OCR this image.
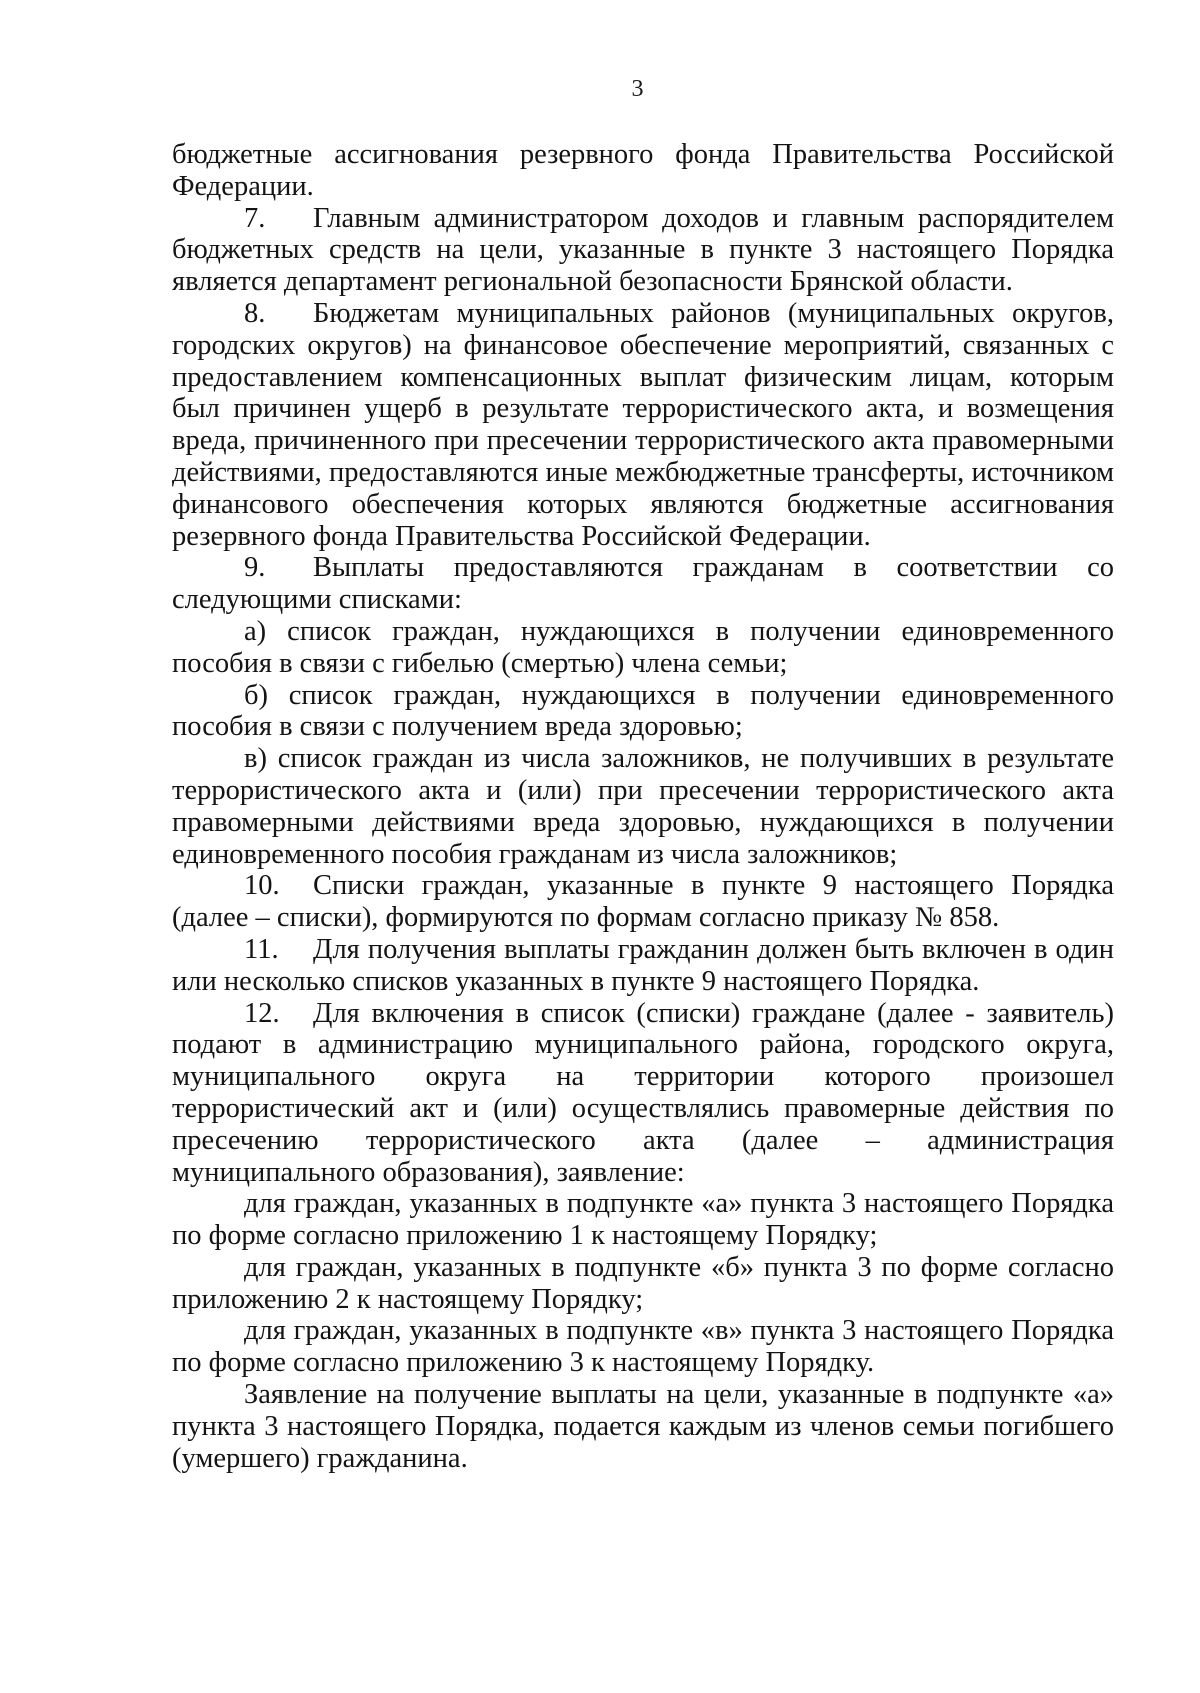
3

бюджетные ассигнования резервного фонда Правительства Российской Федерации.

7. Главным администратором доходов и главным распорядителем бюджетных средств на цели, указанные в пункте 3 настоящего Порядка является департамент региональной безопасности Брянской области.

8. Бюджетам муниципальных районов (муниципальных округов, городских округов) на финансовое обеспечение мероприятий, связанных с предоставлением компенсационных выплат физическим лицам, которым был причинен ущерб в результате террористического акта, и возмещения вреда, причиненного при пресечении террористического акта правомерными действиями, предоставляются иные межбюджетные трансферты, источником финансового обеспечения которых являются бюджетные ассигнования резервного фонда Правительства Российской Федерации.

9. Выплаты предоставляются гражданам в соответствии со следующими списками:

а) список граждан, нуждающихся в получении единовременного пособия в связи с гибелью (смертью) члена семьи;

б) список граждан, нуждающихся в получении единовременного пособия в связи с получением вреда здоровью;

в) список граждан из числа заложников, не получивших в результате террористического акта и (или) при пресечении террористического акта правомерными действиями вреда здоровью, нуждающихся в получении единовременного пособия гражданам из числа заложников;

10. Списки граждан, указанные в пункте 9 настоящего Порядка (далее – списки), формируются по формам согласно приказу № 858.

11. Для получения выплаты гражданин должен быть включен в один или несколько списков указанных в пункте 9 настоящего Порядка.

12. Для включения в список (списки) граждане (далее - заявитель) подают в администрацию муниципального района, городского округа, муниципального округа на территории которого произошел террористический акт и (или) осуществлялись правомерные действия по пресечению террористического акта (далее – администрация муниципального образования), заявление:

для граждан, указанных в подпункте «а» пункта 3 настоящего Порядка по форме согласно приложению 1 к настоящему Порядку;

для граждан, указанных в подпункте «б» пункта 3 по форме согласно приложению 2 к настоящему Порядку;

для граждан, указанных в подпункте «в» пункта 3 настоящего Порядка по форме согласно приложению 3 к настоящему Порядку.

Заявление на получение выплаты на цели, указанные в подпункте «а» пункта 3 настоящего Порядка, подается каждым из членов семьи погибшего (умершего) гражданина.
